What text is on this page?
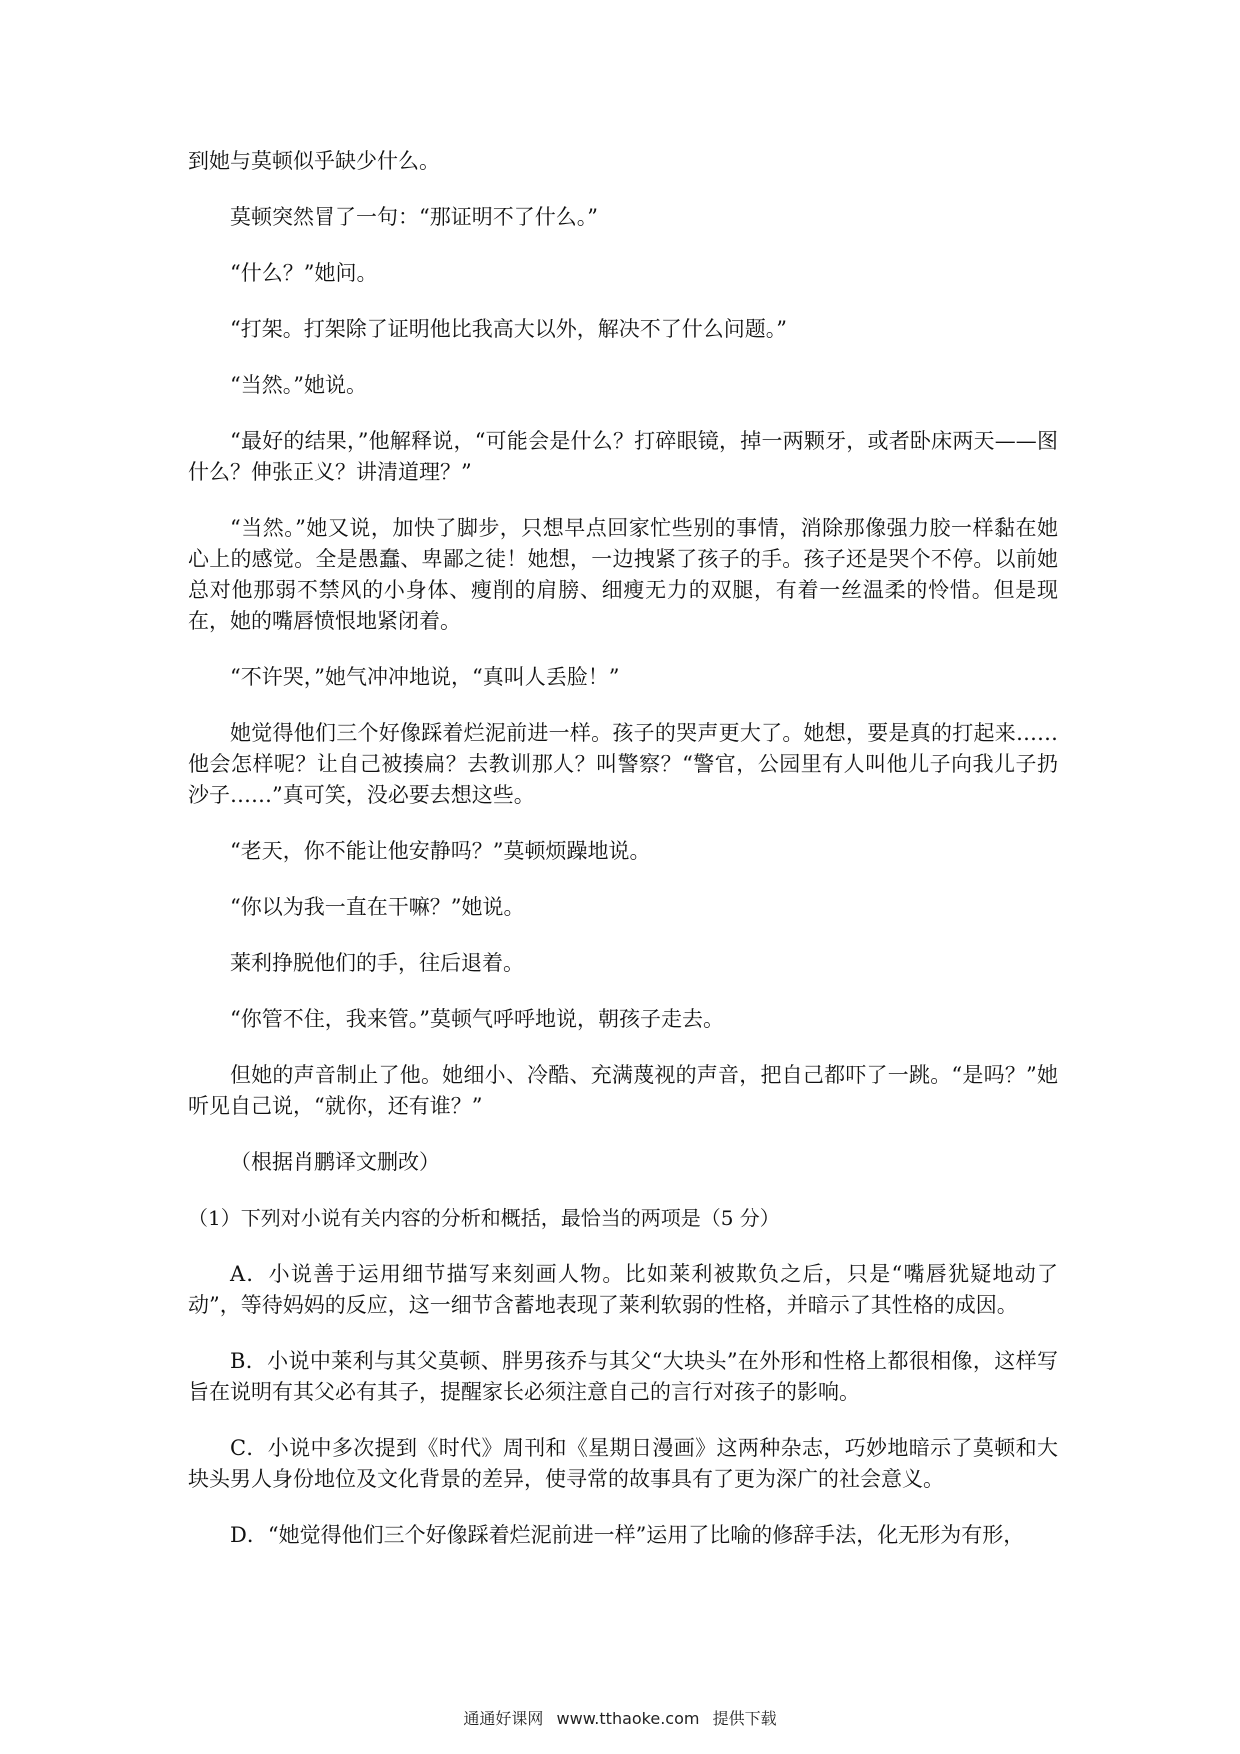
到她与莫顿似乎缺少什么。

莫顿突然冒了一句：“那证明不了什么。”

“什么？”她问。

“打架。打架除了证明他比我高大以外，解决不了什么问题。”

“当然。”她说。

“最好的结果，”他解释说，“可能会是什么？打碎眼镜，掉一两颗牙，或者卧床两天——图什么？伸张正义？讲清道理？”

“当然。”她又说，加快了脚步，只想早点回家忙些别的事情，消除那像强力胶一样黏在她心上的感觉。全是愚蠢、卑鄙之徒！她想，一边拽紧了孩子的手。孩子还是哭个不停。以前她总对他那弱不禁风的小身体、瘦削的肩膀、细瘦无力的双腿，有着一丝温柔的怜惜。但是现在，她的嘴唇愤恨地紧闭着。

“不许哭，”她气冲冲地说，“真叫人丢脸！”

她觉得他们三个好像踩着烂泥前进一样。孩子的哭声更大了。她想，要是真的打起来……他会怎样呢？让自己被揍扁？去教训那人？叫警察？“警官，公园里有人叫他儿子向我儿子扔沙子……”真可笑，没必要去想这些。

“老天，你不能让他安静吗？”莫顿烦躁地说。

“你以为我一直在干嘛？”她说。

莱利挣脱他们的手，往后退着。

“你管不住，我来管。”莫顿气呼呼地说，朝孩子走去。

但她的声音制止了他。她细小、冷酷、充满蔑视的声音，把自己都吓了一跳。“是吗？”她听见自己说，“就你，还有谁？”

（根据肖鹏译文删改）

（1）下列对小说有关内容的分析和概括，最恰当的两项是（5 分）

A．小说善于运用细节描写来刻画人物。比如莱利被欺负之后，只是“嘴唇犹疑地动了动”，等待妈妈的反应，这一细节含蓄地表现了莱利软弱的性格，并暗示了其性格的成因。

B．小说中莱利与其父莫顿、胖男孩乔与其父“大块头”在外形和性格上都很相像，这样写旨在说明有其父必有其子，提醒家长必须注意自己的言行对孩子的影响。

C．小说中多次提到《时代》周刊和《星期日漫画》这两种杂志，巧妙地暗示了莫顿和大块头男人身份地位及文化背景的差异，使寻常的故事具有了更为深广的社会意义。

D．“她觉得他们三个好像踩着烂泥前进一样”运用了比喻的修辞手法，化无形为有形，

通通好课网 www.tthaoke.com 提供下载
